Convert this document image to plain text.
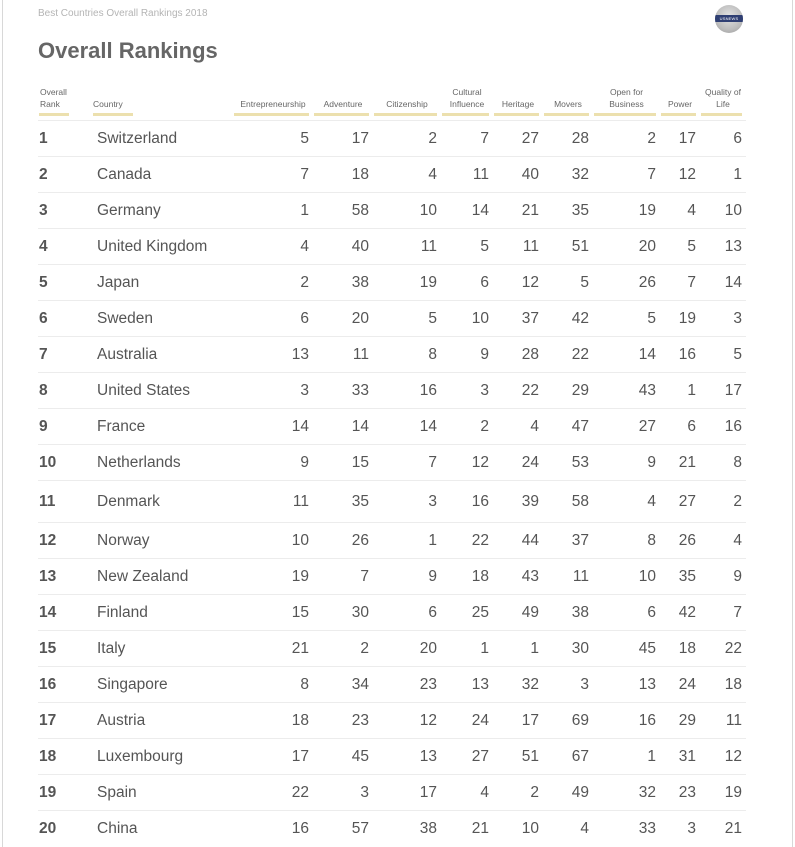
Best Countries Overall Rankings 2018	USNEWS
Overall Rankings
Overall Rank	Country	Entrepreneurship	Adventure	Citizenship	Cultural Influence	Heritage	Movers	Open for Business	Power	Quality of Life

1	Switzerland	5	17	2	7	27	28	2	17	6
2	Canada	7	18	4	11	40	32	7	12	1
3	Germany	1	58	10	14	21	35	19	4	10
4	United Kingdom	4	40	11	5	11	51	20	5	13
5	Japan	2	38	19	6	12	5	26	7	14
6	Sweden	6	20	5	10	37	42	5	19	3
7	Australia	13	11	8	9	28	22	14	16	5
8	United States	3	33	16	3	22	29	43	1	17
9	France	14	14	14	2	4	47	27	6	16
10	Netherlands	9	15	7	12	24	53	9	21	8
11	Denmark	11	35	3	16	39	58	4	27	2
12	Norway	10	26	1	22	44	37	8	26	4
13	New Zealand	19	7	9	18	43	11	10	35	9
14	Finland	15	30	6	25	49	38	6	42	7
15	Italy	21	2	20	1	1	30	45	18	22
16	Singapore	8	34	23	13	32	3	13	24	18
17	Austria	18	23	12	24	17	69	16	29	11
18	Luxembourg	17	45	13	27	51	67	1	31	12
19	Spain	22	3	17	4	2	49	32	23	19
20	China	16	57	38	21	10	4	33	3	21
